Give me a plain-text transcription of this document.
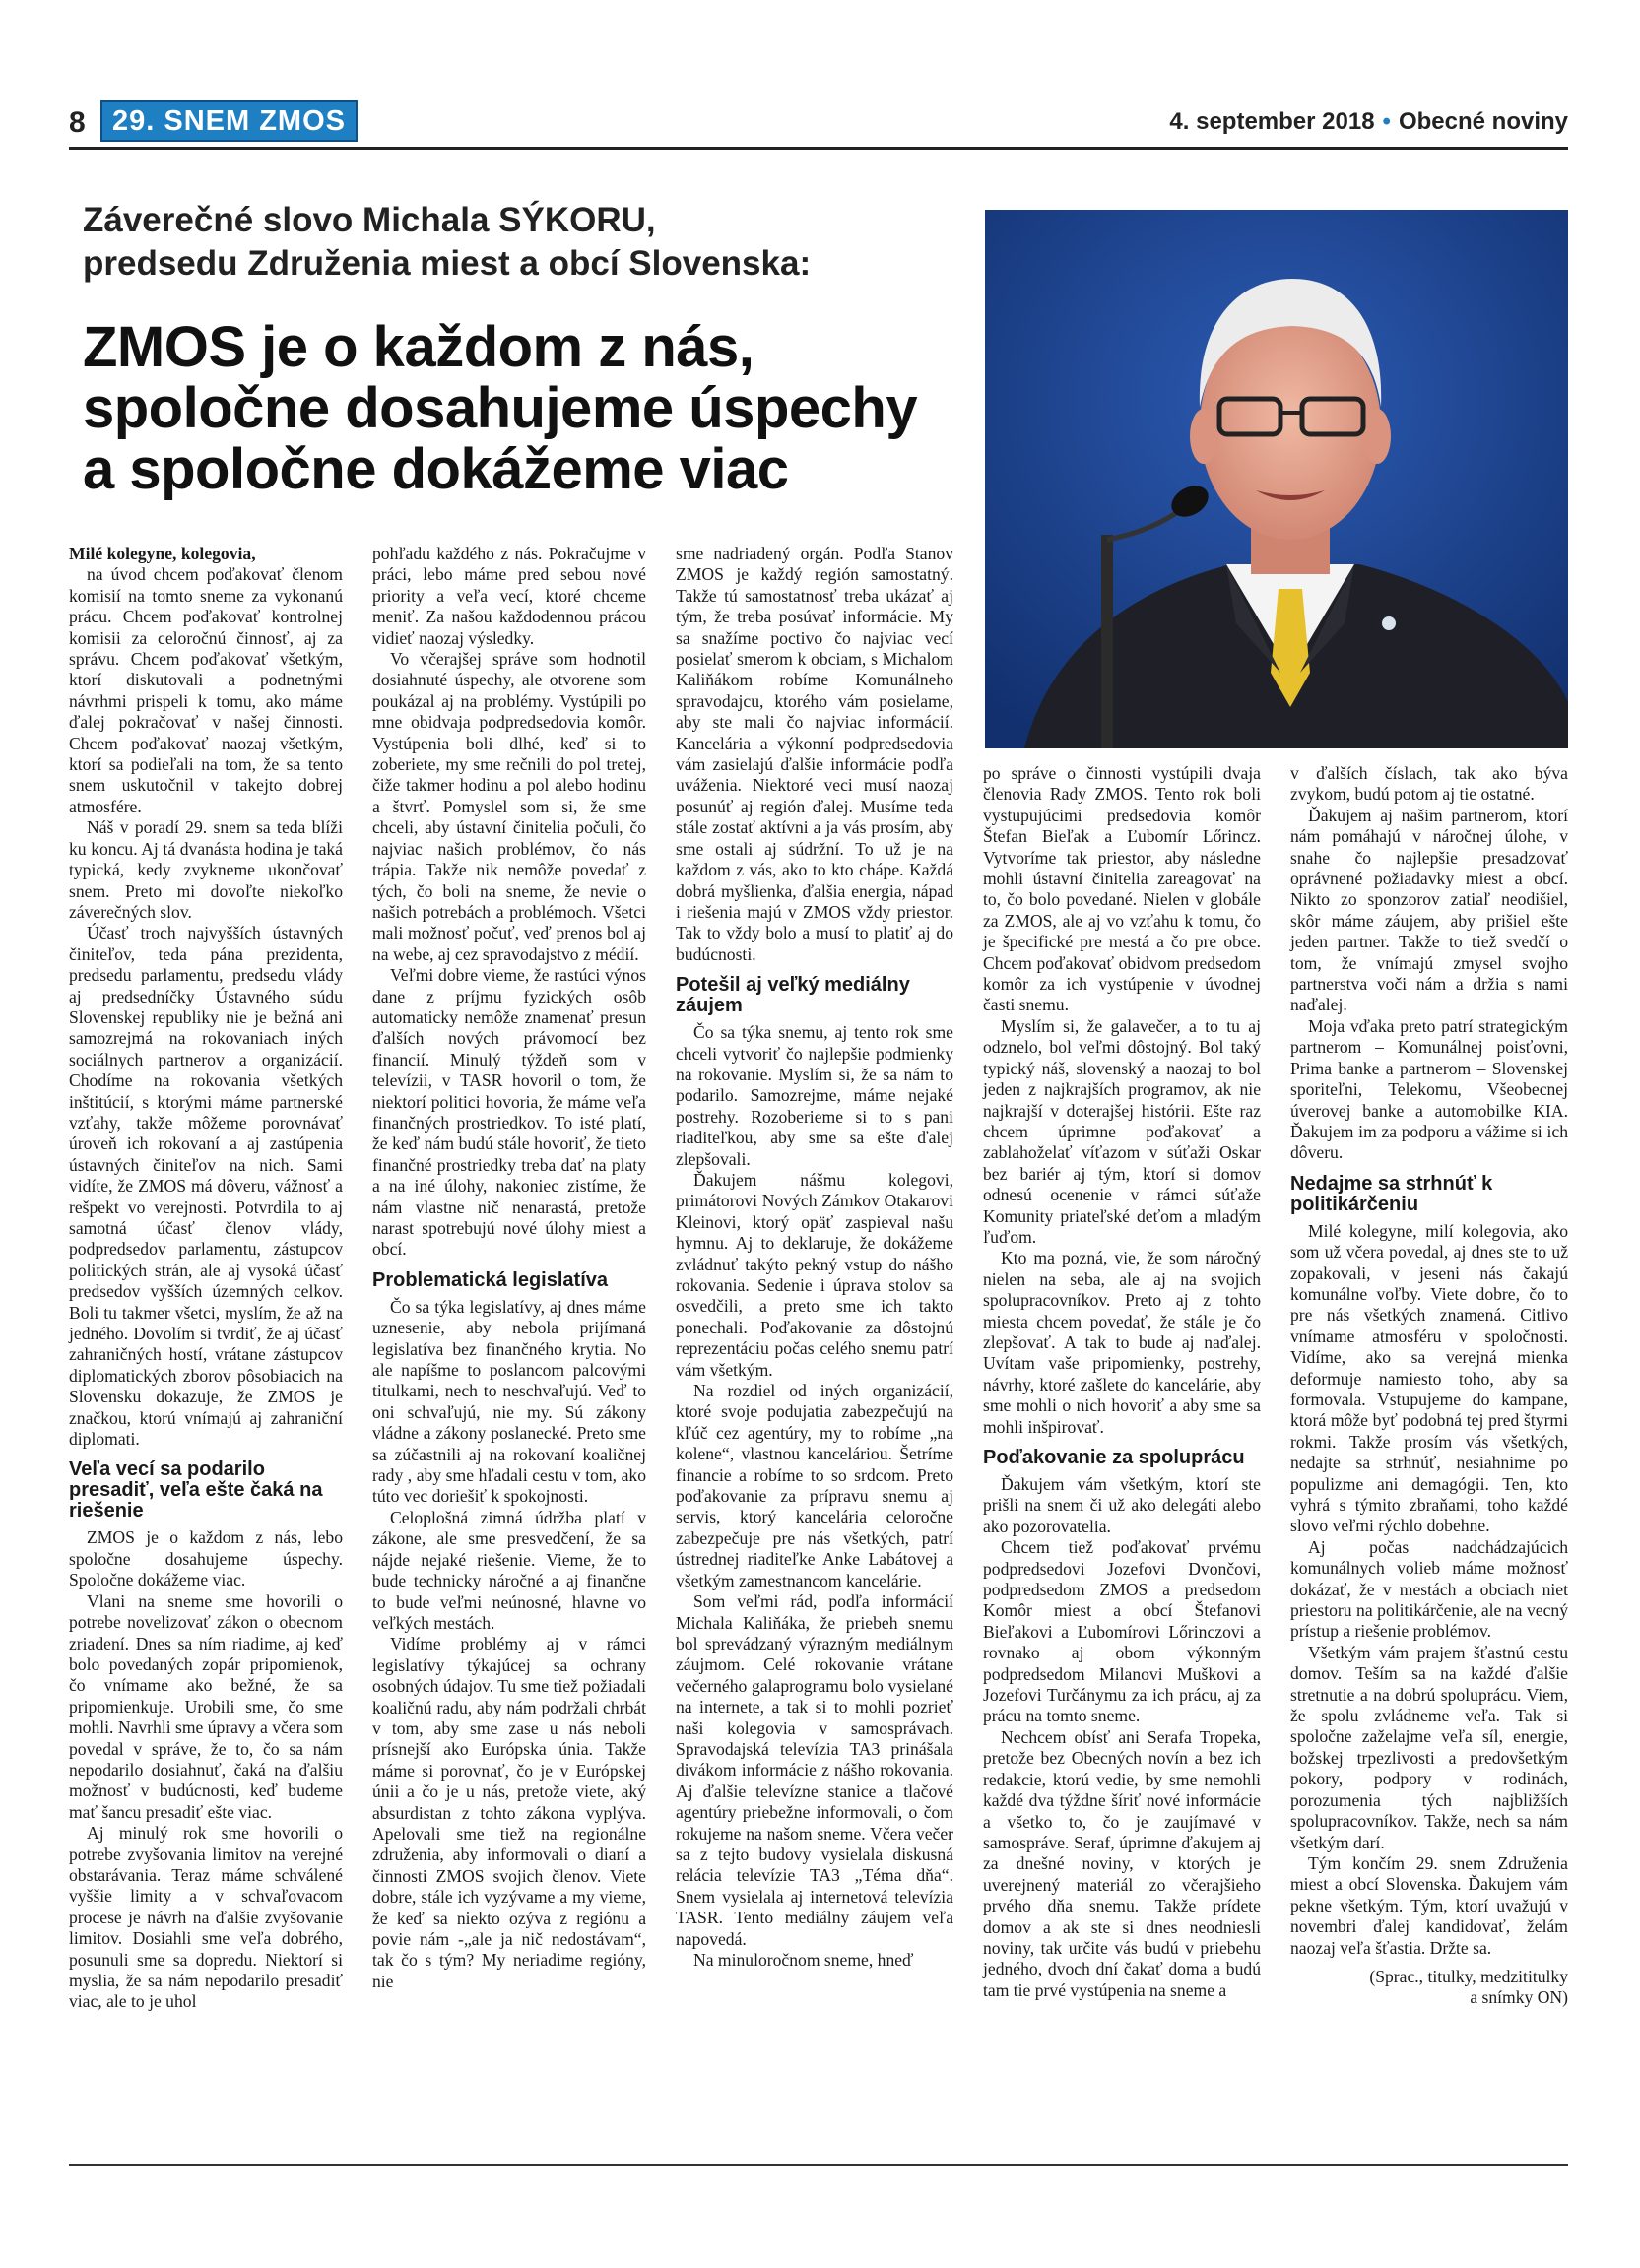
8 29. SNEM ZMOS	4. september 2018 • Obecné noviny
Záverečné slovo Michala SÝKORU,
predsedu Združenia miest a obcí Slovenska:
ZMOS je o každom z nás,
spoločne dosahujeme úspechy
a spoločne dokážeme viac

Milé kolegyne, kolegovia,

na úvod chcem poďakovať členom komisií na tomto sneme za vykonanú prácu. Chcem poďakovať kontrolnej komisii za celoročnú činnosť, aj za správu. Chcem poďakovať všetkým, ktorí diskutovali a podnetnými návrhmi prispeli k tomu, ako máme ďalej pokračovať v našej činnosti. Chcem poďakovať naozaj všetkým, ktorí sa podieľali na tom, že sa tento snem uskutočnil v takejto dobrej atmosfére.

Náš v poradí 29. snem sa teda blíži ku koncu. Aj tá dvanásta hodina je taká typická, kedy zvykneme ukončovať snem. Preto mi dovoľte niekoľko záverečných slov.

Účasť troch najvyšších ústavných činiteľov, teda pána prezidenta, predsedu parlamentu, predsedu vlády aj predsedníčky Ústavného súdu Slovenskej republiky nie je bežná ani samozrejmá na rokovaniach iných sociálnych partnerov a organizácií. Chodíme na rokovania všetkých inštitúcií, s ktorými máme partnerské vzťahy, takže môžeme porovnávať úroveň ich rokovaní a aj zastúpenia ústavných činiteľov na nich. Sami vidíte, že ZMOS má dôveru, vážnosť a rešpekt vo verejnosti. Potvrdila to aj samotná účasť členov vlády, podpredsedov parlamentu, zástupcov politických strán, ale aj vysoká účasť predsedov vyšších územných celkov. Boli tu takmer všetci, myslím, že až na jedného. Dovolím si tvrdiť, že aj účasť zahraničných hostí, vrátane zástupcov diplomatických zborov pôsobiacich na Slovensku dokazuje, že ZMOS je značkou, ktorú vnímajú aj zahraniční diplomati.

Veľa vecí sa podarilo presadiť, veľa ešte čaká na riešenie

ZMOS je o každom z nás, lebo spoločne dosahujeme úspechy. Spoločne dokážeme viac.

Vlani na sneme sme hovorili o potrebe novelizovať zákon o obecnom zriadení. Dnes sa ním riadime, aj keď bolo povedaných zopár pripomienok, čo vnímame ako bežné, že sa pripomienkuje. Urobili sme, čo sme mohli. Navrhli sme úpravy a včera som povedal v správe, že to, čo sa nám nepodarilo dosiahnuť, čaká na ďalšiu možnosť v budúcnosti, keď budeme mať šancu presadiť ešte viac.

Aj minulý rok sme hovorili o potrebe zvyšovania limitov na verejné obstarávania. Teraz máme schválené vyššie limity a v schvaľovacom procese je návrh na ďalšie zvyšovanie limitov. Dosiahli sme veľa dobrého, posunuli sme sa dopredu. Niektorí si myslia, že sa nám nepodarilo presadiť viac, ale to je uhol

pohľadu každého z nás. Pokračujme v práci, lebo máme pred sebou nové priority a veľa vecí, ktoré chceme meniť. Za našou každodennou prácou vidieť naozaj výsledky.

Vo včerajšej správe som hodnotil dosiahnuté úspechy, ale otvorene som poukázal aj na problémy. Vystúpili po mne obidvaja podpredsedovia komôr. Vystúpenia boli dlhé, keď si to zoberiete, my sme rečnili do pol tretej, čiže takmer hodinu a pol alebo hodinu a štvrť. Pomyslel som si, že sme chceli, aby ústavní činitelia počuli, čo najviac našich problémov, čo nás trápia. Takže nik nemôže povedať z tých, čo boli na sneme, že nevie o našich potrebách a problémoch. Všetci mali možnosť počuť, veď prenos bol aj na webe, aj cez spravodajstvo z médií.

Veľmi dobre vieme, že rastúci výnos dane z príjmu fyzických osôb automaticky nemôže znamenať presun ďalších nových právomocí bez financií. Minulý týždeň som v televízii, v TASR hovoril o tom, že niektorí politici hovoria, že máme veľa finančných prostriedkov. To isté platí, že keď nám budú stále hovoriť, že tieto finančné prostriedky treba dať na platy a na iné úlohy, nakoniec zistíme, že nám vlastne nič nenarastá, pretože narast spotrebujú nové úlohy miest a obcí.

Problematická legislatíva

Čo sa týka legislatívy, aj dnes máme uznesenie, aby nebola prijímaná legislatíva bez finančného krytia. No ale napíšme to poslancom palcovými titulkami, nech to neschvaľujú. Veď to oni schvaľujú, nie my. Sú zákony vládne a zákony poslanecké. Preto sme sa zúčastnili aj na rokovaní koaličnej rady , aby sme hľadali cestu v tom, ako túto vec doriešiť k spokojnosti.

Celoplošná zimná údržba platí v zákone, ale sme presvedčení, že sa nájde nejaké riešenie. Vieme, že to bude technicky náročné a aj finančne to bude veľmi neúnosné, hlavne vo veľkých mestách.

Vidíme problémy aj v rámci legislatívy týkajúcej sa ochrany osobných údajov. Tu sme tiež požiadali koaličnú radu, aby nám podržali chrbát v tom, aby sme zase u nás neboli prísnejší ako Európska únia. Takže máme si porovnať, čo je v Európskej únii a čo je u nás, pretože viete, aký absurdistan z tohto zákona vyplýva. Apelovali sme tiež na regionálne združenia, aby informovali o dianí a činnosti ZMOS svojich členov. Viete dobre, stále ich vyzývame a my vieme, že keď sa niekto ozýva z regiónu a povie nám -„ale ja nič nedostávam“, tak čo s tým? My neriadime regióny, nie

sme nadriadený orgán. Podľa Stanov ZMOS je každý región samostatný. Takže tú samostatnosť treba ukázať aj tým, že treba posúvať informácie. My sa snažíme poctivo čo najviac vecí posielať smerom k obciam, s Michalom Kaliňákom robíme Komunálneho spravodajcu, ktorého vám posielame, aby ste mali čo najviac informácií. Kancelária a výkonní podpredsedovia vám zasielajú ďalšie informácie podľa uváženia. Niektoré veci musí naozaj posunúť aj región ďalej. Musíme teda stále zostať aktívni a ja vás prosím, aby sme ostali aj súdržní. To už je na každom z vás, ako to kto chápe. Každá dobrá myšlienka, ďalšia energia, nápad i riešenia majú v ZMOS vždy priestor. Tak to vždy bolo a musí to platiť aj do budúcnosti.

Potešil aj veľký mediálny záujem

Čo sa týka snemu, aj tento rok sme chceli vytvoriť čo najlepšie podmienky na rokovanie. Myslím si, že sa nám to podarilo. Samozrejme, máme nejaké postrehy. Rozoberieme si to s pani riaditeľkou, aby sme sa ešte ďalej zlepšovali.

Ďakujem nášmu kolegovi, primátorovi Nových Zámkov Otakarovi Kleinovi, ktorý opäť zaspieval našu hymnu. Aj to deklaruje, že dokážeme zvládnuť takýto pekný vstup do nášho rokovania. Sedenie i úprava stolov sa osvedčili, a preto sme ich takto ponechali. Poďakovanie za dôstojnú reprezentáciu počas celého snemu patrí vám všetkým.

Na rozdiel od iných organizácií, ktoré svoje podujatia zabezpečujú na kľúč cez agentúry, my to robíme „na kolene“, vlastnou kanceláriou. Šetríme financie a robíme to so srdcom. Preto poďakovanie za prípravu snemu aj servis, ktorý kancelária celoročne zabezpečuje pre nás všetkých, patrí ústrednej riaditeľke Anke Labátovej a všetkým zamestnancom kancelárie.

Som veľmi rád, podľa informácií Michala Kaliňáka, že priebeh snemu bol sprevádzaný výrazným mediálnym záujmom. Celé rokovanie vrátane večerného galaprogramu bolo vysielané na internete, a tak si to mohli pozrieť naši kolegovia v samosprávach. Spravodajská televízia TA3 prinášala divákom informácie z nášho rokovania. Aj ďalšie televízne stanice a tlačové agentúry priebežne informovali, o čom rokujeme na našom sneme. Včera večer sa z tejto budovy vysielala diskusná relácia televízie TA3 „Téma dňa“. Snem vysielala aj internetová televízia TASR. Tento mediálny záujem veľa napovedá.

Na minuloročnom sneme, hneď

po správe o činnosti vystúpili dvaja členovia Rady ZMOS. Tento rok boli vystupujúcimi predsedovia komôr Štefan Bieľak a Ľubomír Lőrincz. Vytvoríme tak priestor, aby následne mohli ústavní činitelia zareagovať na to, čo bolo povedané. Nielen v globále za ZMOS, ale aj vo vzťahu k tomu, čo je špecifické pre mestá a čo pre obce. Chcem poďakovať obidvom predsedom komôr za ich vystúpenie v úvodnej časti snemu.

Myslím si, že galavečer, a to tu aj odznelo, bol veľmi dôstojný. Bol taký typický náš, slovenský a naozaj to bol jeden z najkrajších programov, ak nie najkrajší v doterajšej histórii. Ešte raz chcem úprimne poďakovať a zablahoželať víťazom v súťaži Oskar bez bariér aj tým, ktorí si domov odnesú ocenenie v rámci súťaže Komunity priateľské deťom a mladým ľuďom.

Kto ma pozná, vie, že som náročný nielen na seba, ale aj na svojich spolupracovníkov. Preto aj z tohto miesta chcem povedať, že stále je čo zlepšovať. A tak to bude aj naďalej. Uvítam vaše pripomienky, postrehy, návrhy, ktoré zašlete do kancelárie, aby sme mohli o nich hovoriť a aby sme sa mohli inšpirovať.

Poďakovanie za spoluprácu

Ďakujem vám všetkým, ktorí ste prišli na snem či už ako delegáti alebo ako pozorovatelia.

Chcem tiež poďakovať prvému podpredsedovi Jozefovi Dvončovi, podpredsedom ZMOS a predsedom Komôr miest a obcí Štefanovi Bieľakovi a Ľubomírovi Lőrinczovi a rovnako aj obom výkonným podpredsedom Milanovi Muškovi a Jozefovi Turčánymu za ich prácu, aj za prácu na tomto sneme.

Nechcem obísť ani Serafa Tropeka, pretože bez Obecných novín a bez ich redakcie, ktorú vedie, by sme nemohli každé dva týždne šíriť nové informácie a všetko to, čo je zaujímavé v samospráve. Seraf, úprimne ďakujem aj za dnešné noviny, v ktorých je uverejnený materiál zo včerajšieho prvého dňa snemu. Takže prídete domov a ak ste si dnes neodniesli noviny, tak určite vás budú v priebehu jedného, dvoch dní čakať doma a budú tam tie prvé vystúpenia na sneme a

v ďalších číslach, tak ako býva zvykom, budú potom aj tie ostatné.

Ďakujem aj našim partnerom, ktorí nám pomáhajú v náročnej úlohe, v snahe čo najlepšie presadzovať oprávnené požiadavky miest a obcí. Nikto zo sponzorov zatiaľ neodišiel, skôr máme záujem, aby prišiel ešte jeden partner. Takže to tiež svedčí o tom, že vnímajú zmysel svojho partnerstva voči nám a držia s nami naďalej.

Moja vďaka preto patrí strategickým partnerom – Komunálnej poisťovni, Prima banke a partnerom – Slovenskej sporiteľni, Telekomu, Všeobecnej úverovej banke a automobilke KIA. Ďakujem im za podporu a vážime si ich dôveru.

Nedajme sa strhnúť k politikárčeniu

Milé kolegyne, milí kolegovia, ako som už včera povedal, aj dnes ste to už zopakovali, v jeseni nás čakajú komunálne voľby. Viete dobre, čo to pre nás všetkých znamená. Citlivo vnímame atmosféru v spoločnosti. Vidíme, ako sa verejná mienka deformuje namiesto toho, aby sa formovala. Vstupujeme do kampane, ktorá môže byť podobná tej pred štyrmi rokmi. Takže prosím vás všetkých, nedajte sa strhnúť, nesiahnime po populizme ani demagógii. Ten, kto vyhrá s týmito zbraňami, toho každé slovo veľmi rýchlo dobehne.

Aj počas nadchádzajúcich komunálnych volieb máme možnosť dokázať, že v mestách a obciach niet priestoru na politikárčenie, ale na vecný prístup a riešenie problémov.

Všetkým vám prajem šťastnú cestu domov. Teším sa na každé ďalšie stretnutie a na dobrú spoluprácu. Viem, že spolu zvládneme veľa. Tak si spoločne zaželajme veľa síl, energie, božskej trpezlivosti a predovšetkým pokory, podpory v rodinách, porozumenia tých najbližších spolupracovníkov. Takže, nech sa nám všetkým darí.

Tým končím 29. snem Združenia miest a obcí Slovenska. Ďakujem vám pekne všetkým. Tým, ktorí uvažujú v novembri ďalej kandidovať, želám naozaj veľa šťastia. Držte sa.

(Sprac., titulky, medzititulky
a snímky ON)
